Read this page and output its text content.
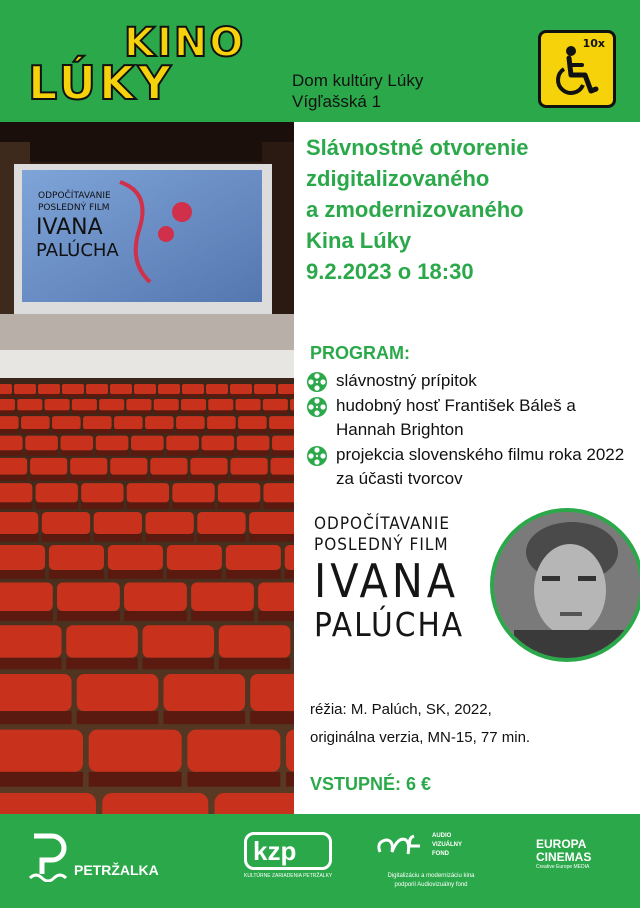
KINO
LÚKY	Dom kultúry Lúky
Vígľašská 1
10x
ODPOČÍTAVANIE
POSLEDNÝ FILM
IVANA
PALÚCHA
Slávnostné otvorenie
zdigitalizovaného
a zmodernizovaného
Kina Lúky
9.2.2023 o 18:30
PROGRAM:
slávnostný prípitok
hudobný hosť František Báleš a Hannah Brighton
projekcia slovenského filmu roka 2022 za účasti tvorcov
ODPOČÍTAVANIE
POSLEDNÝ FILM
IVANA
PALÚCHA
réžia: M. Palúch, SK, 2022,
originálna verzia, MN-15, 77 min.
VSTUPNÉ: 6 €
PETRŽALKA
kzp
KULTÚRNE ZARIADENIA PETRŽALKY
AUDIO
VIZUÁLNY
FOND
Digitalizáciu a modernizáciu kina
podporil Audiovizuálny fond
EUROPA
CINEMAS
Creative Europe MEDIA
